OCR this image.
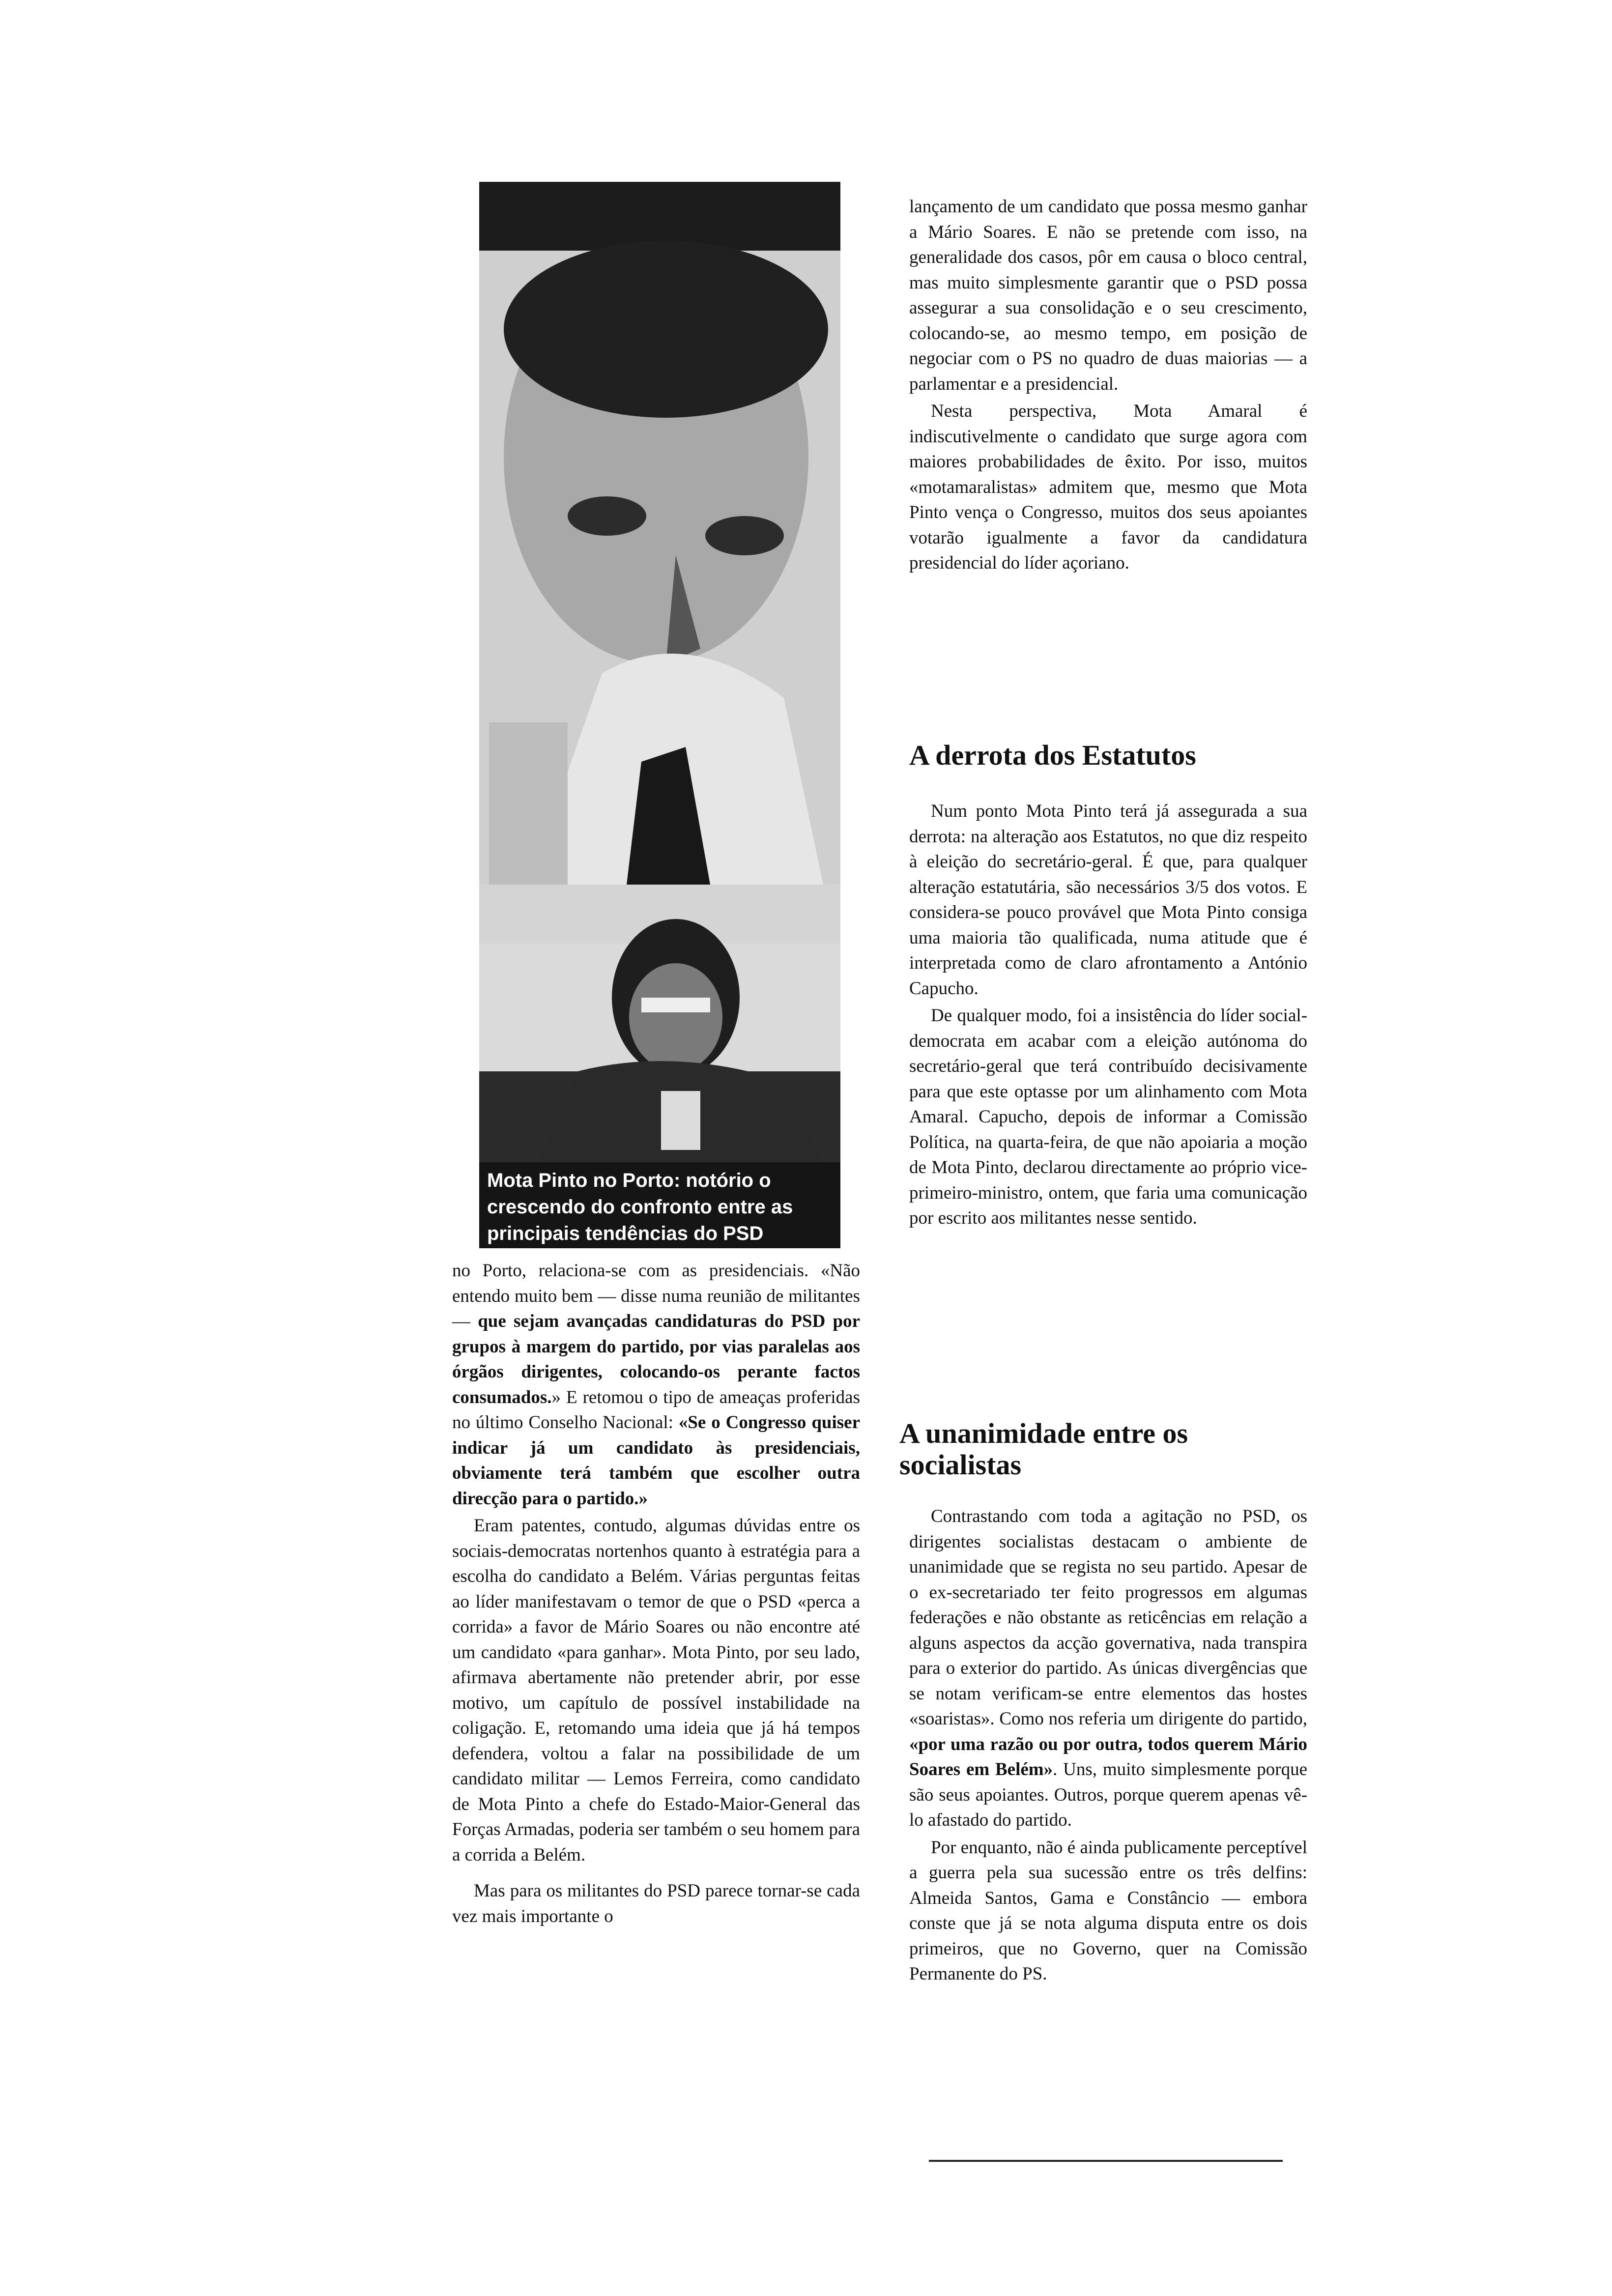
Mota Pinto no Porto: notório o crescendo do confronto entre as principais tendências do PSD

no Porto, relaciona-se com as presidenciais. «Não entendo muito bem — disse numa reunião de militantes — que sejam avançadas candidaturas do PSD por grupos à margem do partido, por vias paralelas aos órgãos dirigentes, colocando-os perante factos consumados.» E retomou o tipo de ameaças proferidas no último Conselho Nacional: «Se o Congresso quiser indicar já um candidato às presidenciais, obviamente terá também que escolher outra direcção para o partido.»

Eram patentes, contudo, algumas dúvidas entre os sociais-democratas nortenhos quanto à estratégia para a escolha do candidato a Belém. Várias perguntas feitas ao líder manifestavam o temor de que o PSD «perca a corrida» a favor de Mário Soares ou não encontre até um candidato «para ganhar». Mota Pinto, por seu lado, afirmava abertamente não pretender abrir, por esse motivo, um capítulo de possível instabilidade na coligação. E, retomando uma ideia que já há tempos defendera, voltou a falar na possibilidade de um candidato militar — Lemos Ferreira, como candidato de Mota Pinto a chefe do Estado-Maior-General das Forças Armadas, poderia ser também o seu homem para a corrida a Belém.

Mas para os militantes do PSD parece tornar-se cada vez mais importante o

lançamento de um candidato que possa mesmo ganhar a Mário Soares. E não se pretende com isso, na generalidade dos casos, pôr em causa o bloco central, mas muito simplesmente garantir que o PSD possa assegurar a sua consolidação e o seu crescimento, colocando-se, ao mesmo tempo, em posição de negociar com o PS no quadro de duas maiorias — a parlamentar e a presidencial.

Nesta perspectiva, Mota Amaral é indiscutivelmente o candidato que surge agora com maiores probabilidades de êxito. Por isso, muitos «motamaralistas» admitem que, mesmo que Mota Pinto vença o Congresso, muitos dos seus apoiantes votarão igualmente a favor da candidatura presidencial do líder açoriano.

A derrota dos Estatutos

Num ponto Mota Pinto terá já assegurada a sua derrota: na alteração aos Estatutos, no que diz respeito à eleição do secretário-geral. É que, para qualquer alteração estatutária, são necessários 3/5 dos votos. E considera-se pouco provável que Mota Pinto consiga uma maioria tão qualificada, numa atitude que é interpretada como de claro afrontamento a António Capucho.

De qualquer modo, foi a insistência do líder social-democrata em acabar com a eleição autónoma do secretário-geral que terá contribuído decisivamente para que este optasse por um alinhamento com Mota Amaral. Capucho, depois de informar a Comissão Política, na quarta-feira, de que não apoiaria a moção de Mota Pinto, declarou directamente ao próprio vice-primeiro-ministro, ontem, que faria uma comunicação por escrito aos militantes nesse sentido.

A unanimidade entre os socialistas

Contrastando com toda a agitação no PSD, os dirigentes socialistas destacam o ambiente de unanimidade que se regista no seu partido. Apesar de o ex-secretariado ter feito progressos em algumas federações e não obstante as reticências em relação a alguns aspectos da acção governativa, nada transpira para o exterior do partido. As únicas divergências que se notam verificam-se entre elementos das hostes «soaristas». Como nos referia um dirigente do partido, «por uma razão ou por outra, todos querem Mário Soares em Belém». Uns, muito simplesmente porque são seus apoiantes. Outros, porque querem apenas vê-lo afastado do partido.

Por enquanto, não é ainda publicamente perceptível a guerra pela sua sucessão entre os três delfins: Almeida Santos, Gama e Constâncio — embora conste que já se nota alguma disputa entre os dois primeiros, que no Governo, quer na Comissão Permanente do PS.
